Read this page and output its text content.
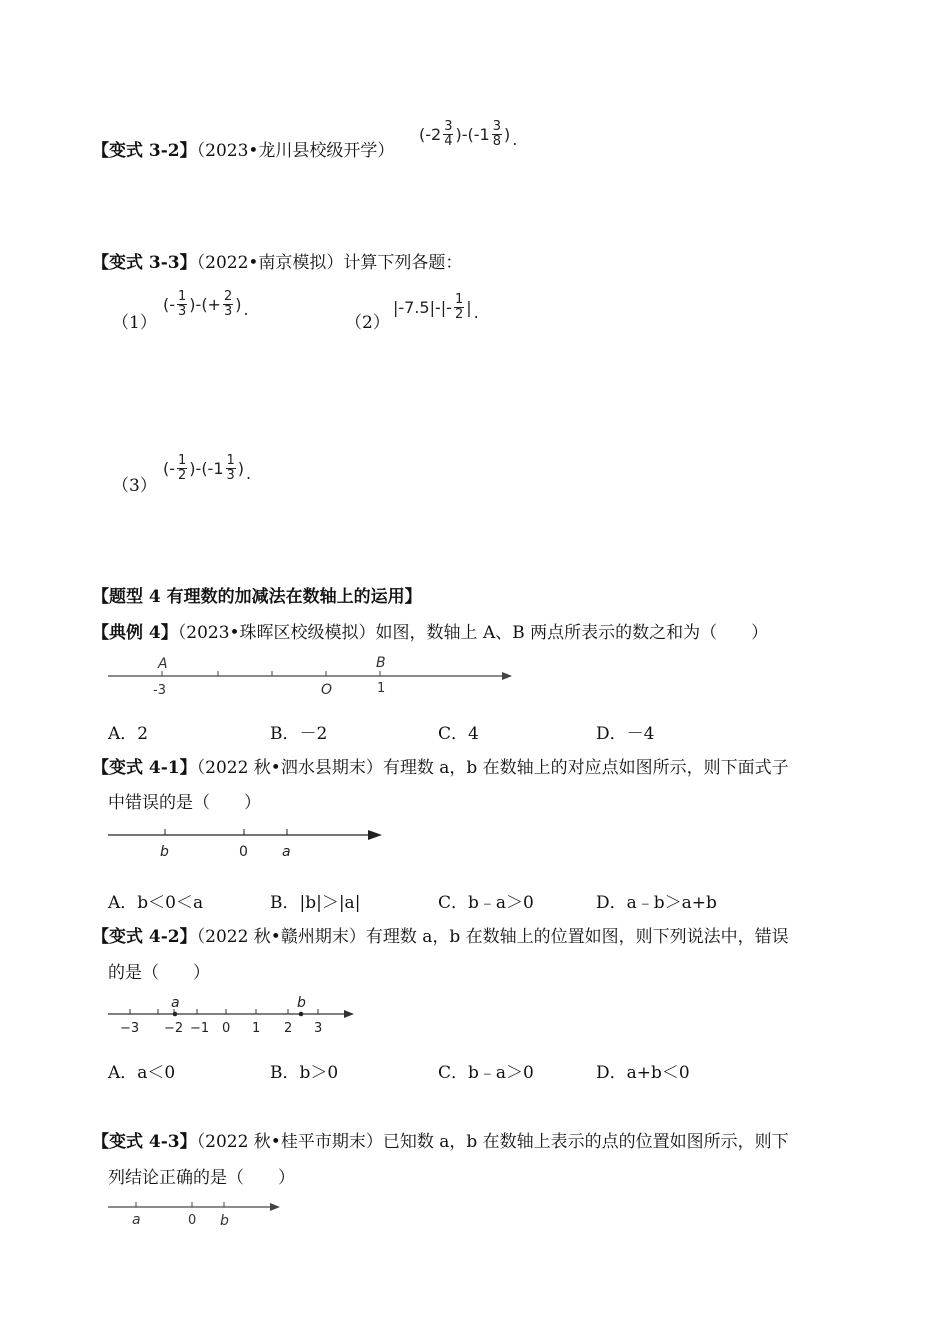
【变式 3-2】（2023•龙川县校级开学）
$(-2 \frac{3}{4} )-(-1 \frac{3}{8}$ ) .
【变式 3-3】（2022•南京模拟）计算下列各题：
（1）
(- $\frac{1}{3}$ )-(+ $\frac{2}{3}$ ) .
（2）
$|-7.5|-|- \frac{1}{2}$ | .
（3）
(- $\frac{1}{2} )-(-1 \frac{1}{3}$ ) .
【题型 4 有理数的加减法在数轴上的运用】
【典例 4】（2023•珠晖区校级模拟）如图，数轴上 A、B 两点所表示的数之和为（　　）
A	B
-3	O	1
A．2	B．－2	C．4	D．－4
【变式 4-1】（2022 秋•泗水县期末）有理数 a，b 在数轴上的对应点如图所示，则下面式子
中错误的是（　　）
b	0 a
A．b＜0＜a	B．|b|＞|a|	C．b﹣a＞0	D．a﹣b＞a+b
【变式 4-2】（2022 秋•赣州期末）有理数 a，b 在数轴上的位置如图，则下列说法中，错误
的是（　　）
a	b
−3 −2 −1 0 1 2 3
A．a＜0	B．b＞0	C．b﹣a＞0	D．a+b＜0
【变式 4-3】（2022 秋•桂平市期末）已知数 a，b 在数轴上表示的点的位置如图所示，则下
列结论正确的是（　　）
a	0 b
